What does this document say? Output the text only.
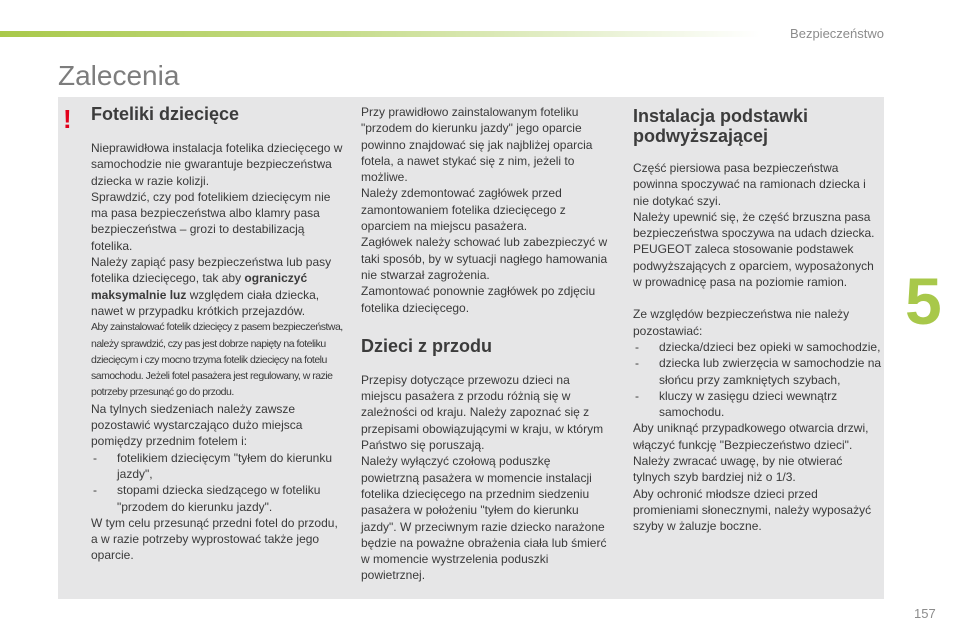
Bezpieczeństwo
Zalecenia
! Foteliki dziecięce

Nieprawidłowa instalacja fotelika dziecięcego w samochodzie nie gwarantuje bezpieczeństwa dziecka w razie kolizji.

Sprawdzić, czy pod fotelikiem dziecięcym nie ma pasa bezpieczeństwa albo klamry pasa bezpieczeństwa – grozi to destabilizacją fotelika.

Należy zapiąć pasy bezpieczeństwa lub pasy fotelika dziecięcego, tak aby ograniczyć maksymalnie luz względem ciała dziecka, nawet w przypadku krótkich przejazdów.

Aby zainstalować fotelik dziecięcy z pasem bezpieczeństwa, należy sprawdzić, czy pas jest dobrze napięty na foteliku dziecięcym i czy mocno trzyma fotelik dziecięcy na fotelu samochodu. Jeżeli fotel pasażera jest regulowany, w razie potrzeby przesunąć go do przodu.

Na tylnych siedzeniach należy zawsze pozostawić wystarczająco dużo miejsca pomiędzy przednim fotelem i:

- fotelikiem dziecięcym "tyłem do kierunku jazdy",
- stopami dziecka siedzącego w foteliku "przodem do kierunku jazdy".

W tym celu przesunąć przedni fotel do przodu, a w razie potrzeby wyprostować także jego oparcie.

Przy prawidłowo zainstalowanym foteliku "przodem do kierunku jazdy" jego oparcie powinno znajdować się jak najbliżej oparcia fotela, a nawet stykać się z nim, jeżeli to możliwe.

Należy zdemontować zagłówek przed zamontowaniem fotelika dziecięcego z oparciem na miejscu pasażera.

Zagłówek należy schować lub zabezpieczyć w taki sposób, by w sytuacji nagłego hamowania nie stwarzał zagrożenia.

Zamontować ponownie zagłówek po zdjęciu fotelika dziecięcego.

Dzieci z przodu

Przepisy dotyczące przewozu dzieci na miejscu pasażera z przodu różnią się w zależności od kraju. Należy zapoznać się z przepisami obowiązującymi w kraju, w którym Państwo się poruszają.

Należy wyłączyć czołową poduszkę powietrzną pasażera w momencie instalacji fotelika dziecięcego na przednim siedzeniu pasażera w położeniu "tyłem do kierunku jazdy". W przeciwnym razie dziecko narażone będzie na poważne obrażenia ciała lub śmierć w momencie wystrzelenia poduszki powietrznej.

Instalacja podstawki podwyższającej

Część piersiowa pasa bezpieczeństwa powinna spoczywać na ramionach dziecka i nie dotykać szyi.

Należy upewnić się, że część brzuszna pasa bezpieczeństwa spoczywa na udach dziecka.

PEUGEOT zaleca stosowanie podstawek podwyższających z oparciem, wyposażonych w prowadnicę pasa na poziomie ramion.

Ze względów bezpieczeństwa nie należy pozostawiać:

- dziecka/dzieci bez opieki w samochodzie,
- dziecka lub zwierzęcia w samochodzie na słońcu przy zamkniętych szybach,
- kluczy w zasięgu dzieci wewnątrz samochodu.

Aby uniknąć przypadkowego otwarcia drzwi, włączyć funkcję "Bezpieczeństwo dzieci".

Należy zwracać uwagę, by nie otwierać tylnych szyb bardziej niż o 1/3.

Aby ochronić młodsze dzieci przed promieniami słonecznymi, należy wyposażyć szyby w żaluzje boczne.

5
157
